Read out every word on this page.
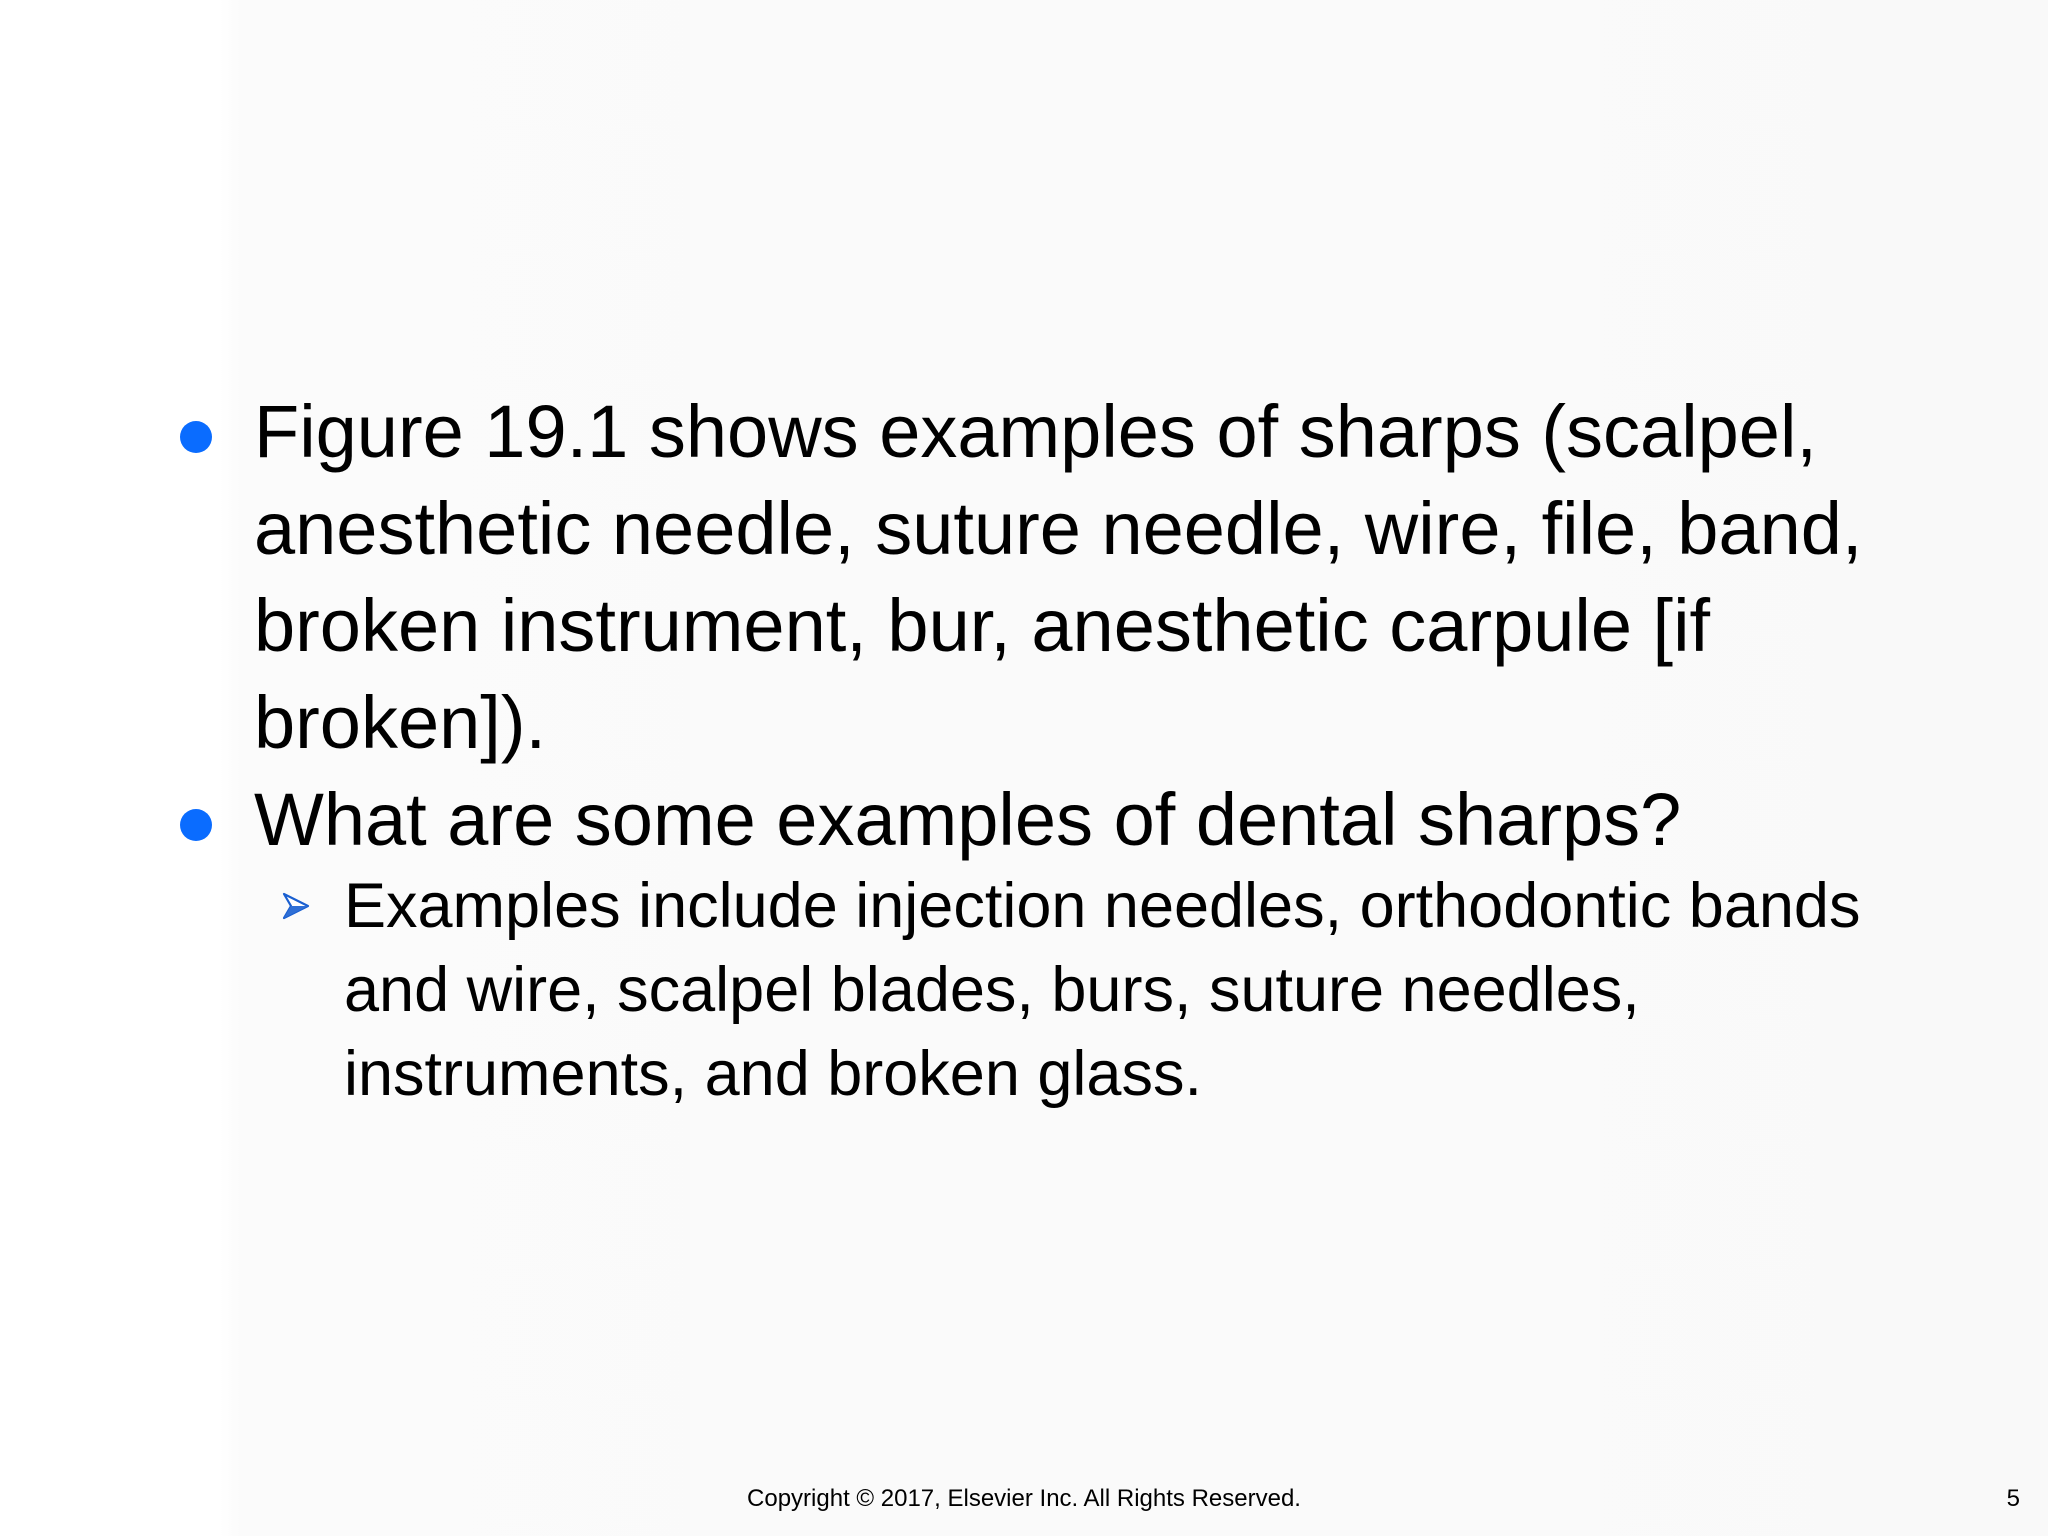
Figure 19.1 shows examples of sharps (scalpel, anesthetic needle, suture needle, wire, file, band, broken instrument, bur, anesthetic carpule [if broken]).
What are some examples of dental sharps?
Examples include injection needles, orthodontic bands and wire, scalpel blades, burs, suture needles, instruments, and broken glass.
Copyright © 2017, Elsevier Inc. All Rights Reserved.	5
